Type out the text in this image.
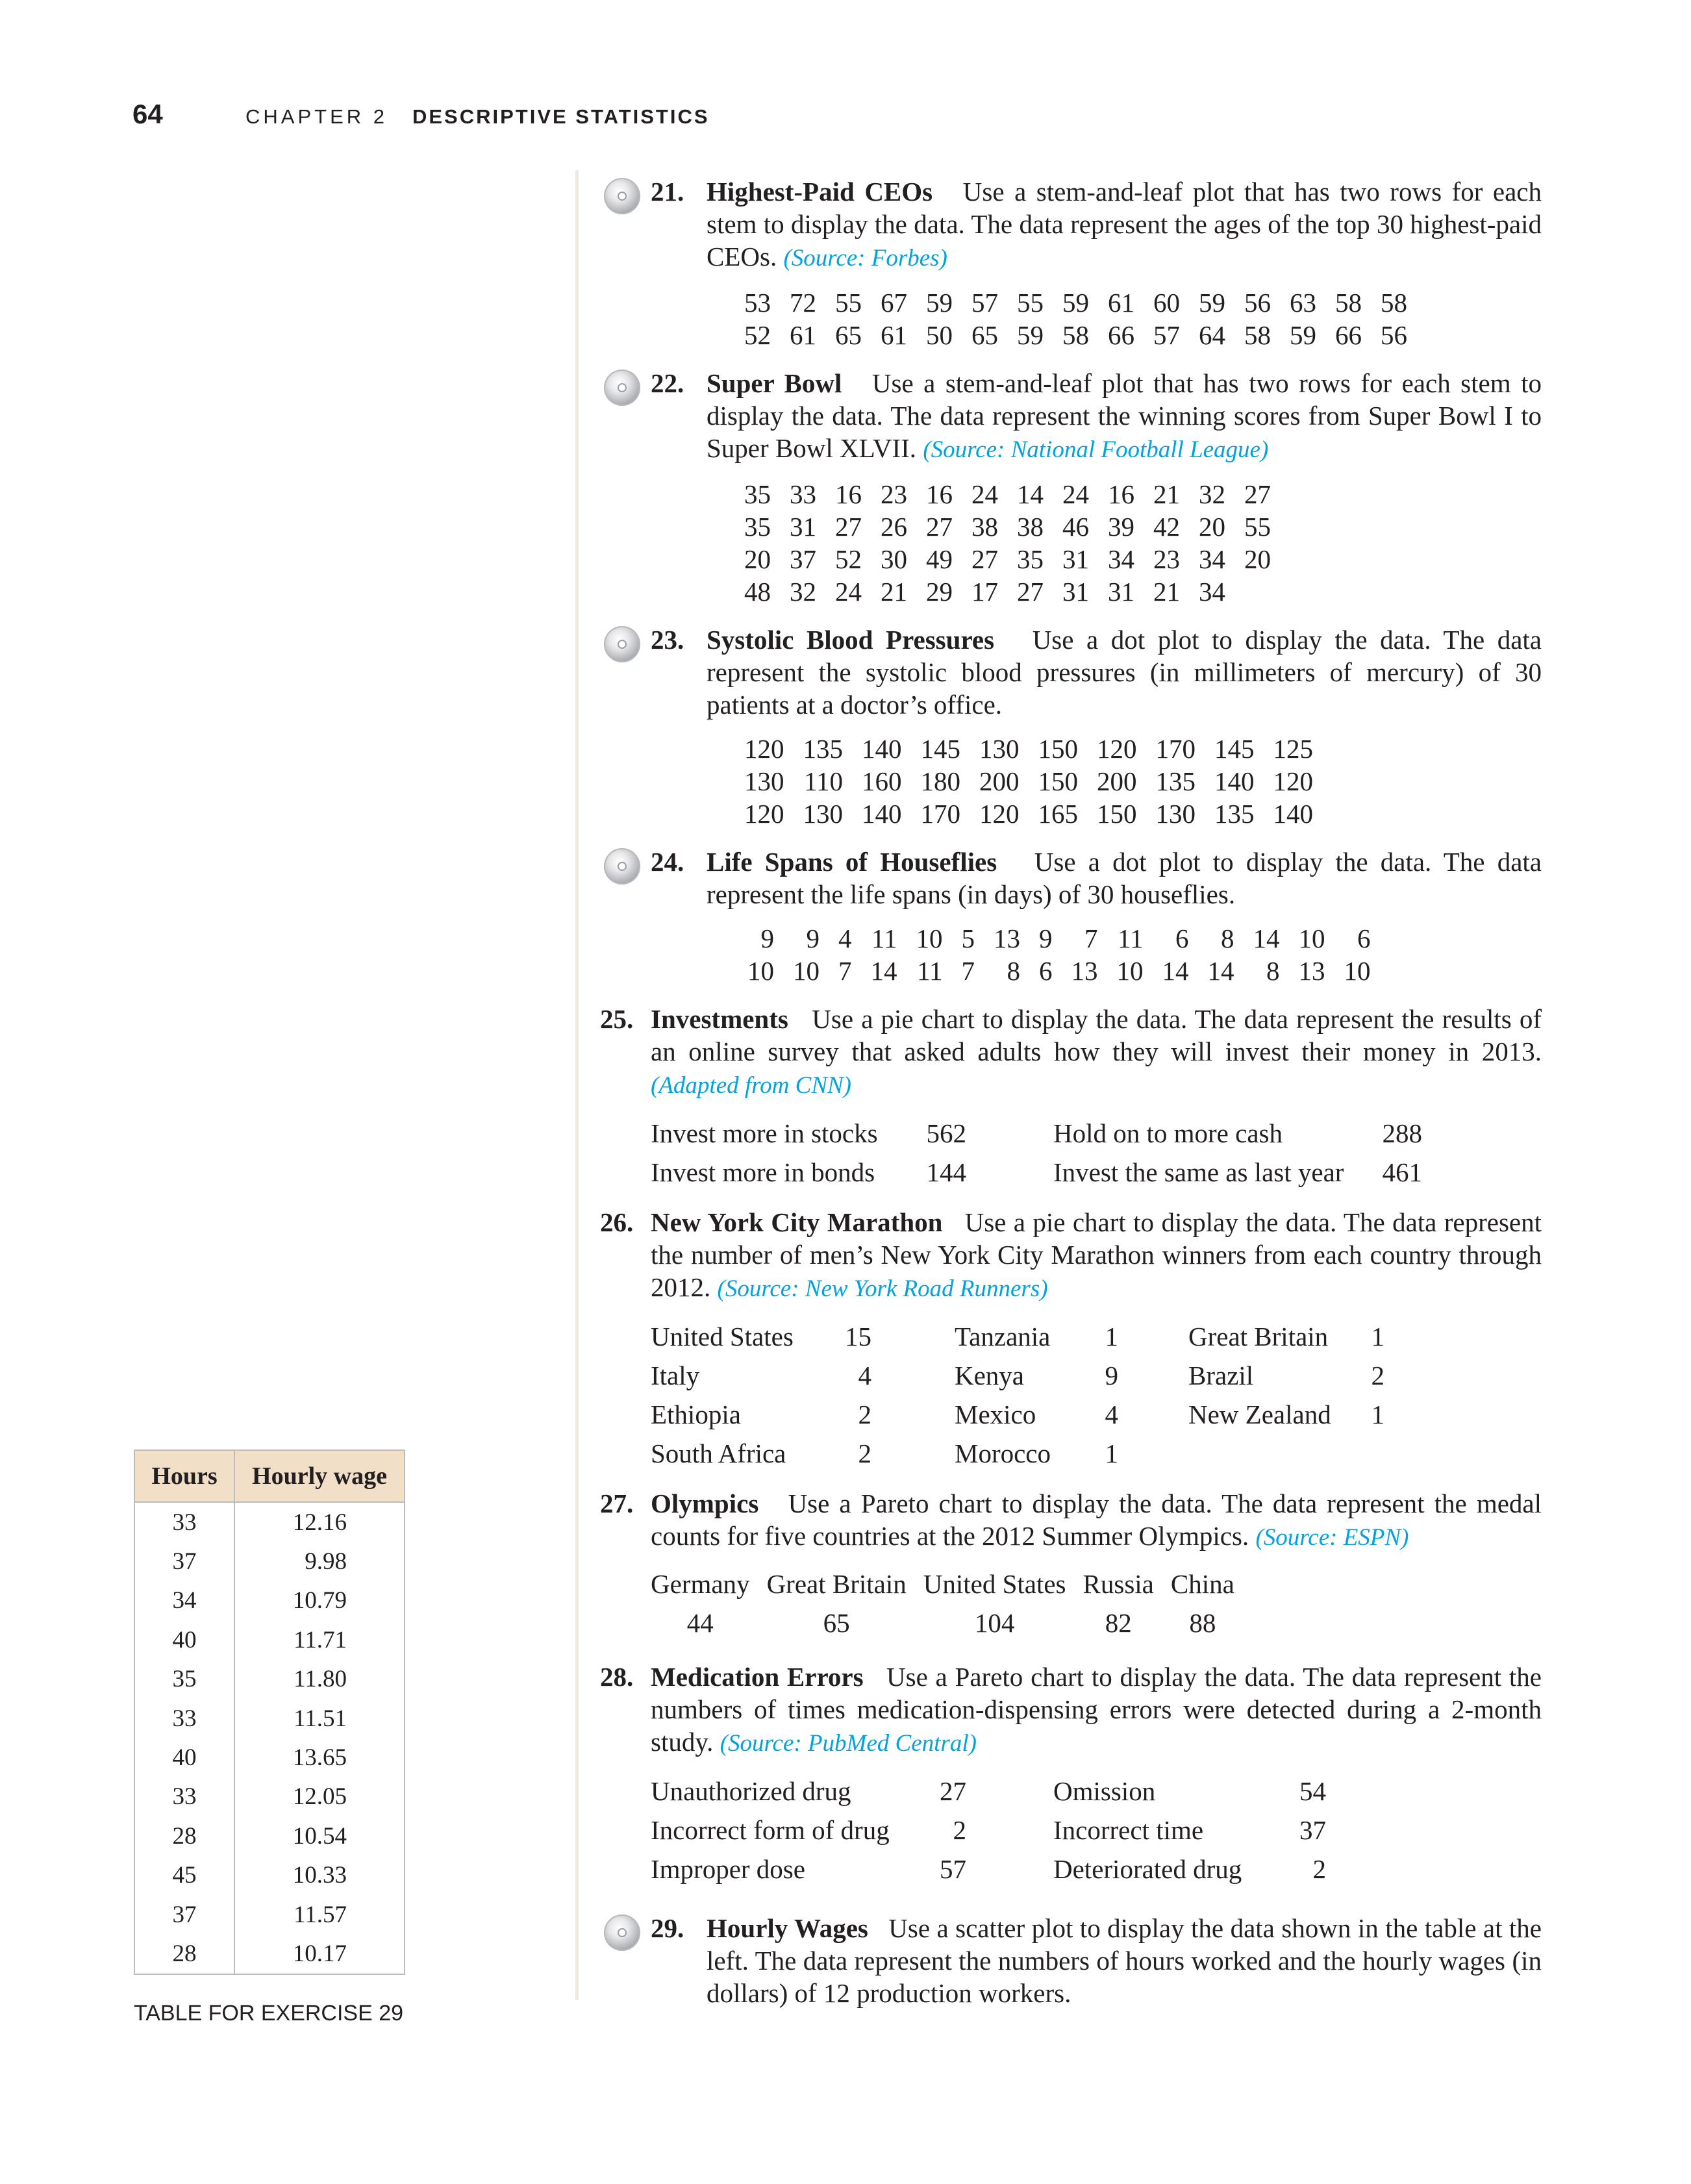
64	CHAPTER 2 DESCRIPTIVE STATISTICS

21. Highest-Paid CEOs Use a stem-and-leaf plot that has two rows for each stem to display the data. The data represent the ages of the top 30 highest-paid CEOs. (Source: Forbes)

53	72	55	67	59	57	55	59	61	60	59	56	63	58	58
52	61	65	61	50	65	59	58	66	57	64	58	59	66	56

22. Super Bowl Use a stem-and-leaf plot that has two rows for each stem to display the data. The data represent the winning scores from Super Bowl I to Super Bowl XLVII. (Source: National Football League)

35	33	16	23	16	24	14	24	16	21	32	27
35	31	27	26	27	38	38	46	39	42	20	55
20	37	52	30	49	27	35	31	34	23	34	20
48	32	24	21	29	17	27	31	31	21	34	

23. Systolic Blood Pressures Use a dot plot to display the data. The data represent the systolic blood pressures (in millimeters of mercury) of 30 patients at a doctor’s office.

120	135	140	145	130	150	120	170	145	125
130	110	160	180	200	150	200	135	140	120
120	130	140	170	120	165	150	130	135	140

24. Life Spans of Houseflies Use a dot plot to display the data. The data represent the life spans (in days) of 30 houseflies.

9	9	4	11	10	5	13	9	7	11	6	8	14	10	6
10	10	7	14	11	7	8	6	13	10	14	14	8	13	10

25. Investments Use a pie chart to display the data. The data represent the results of an online survey that asked adults how they will invest their money in 2013. (Adapted from CNN)

Invest more in stocks	562		Hold on to more cash	288
Invest more in bonds	144		Invest the same as last year	461

26. New York City Marathon Use a pie chart to display the data. The data represent the number of men’s New York City Marathon winners from each country through 2012. (Source: New York Road Runners)

United States	15		Tanzania	1		Great Britain	1
Italy	4		Kenya	9		Brazil	2
Ethiopia	2		Mexico	4		New Zealand	1
South Africa	2		Morocco	1			

27. Olympics Use a Pareto chart to display the data. The data represent the medal counts for five countries at the 2012 Summer Olympics. (Source: ESPN)

Germany	Great Britain	United States	Russia	China
44	65	104	82	88

28. Medication Errors Use a Pareto chart to display the data. The data represent the numbers of times medication-dispensing errors were detected during a 2-month study. (Source: PubMed Central)

Unauthorized drug	27		Omission	54
Incorrect form of drug	2		Incorrect time	37
Improper dose	57		Deteriorated drug	2

29. Hourly Wages Use a scatter plot to display the data shown in the table at the left. The data represent the numbers of hours worked and the hourly wages (in dollars) of 12 production workers.

Hours	Hourly wage
33	12.16
37	9.98
34	10.79
40	11.71
35	11.80
33	11.51
40	13.65
33	12.05
28	10.54
45	10.33
37	11.57
28	10.17
TABLE FOR EXERCISE 29
